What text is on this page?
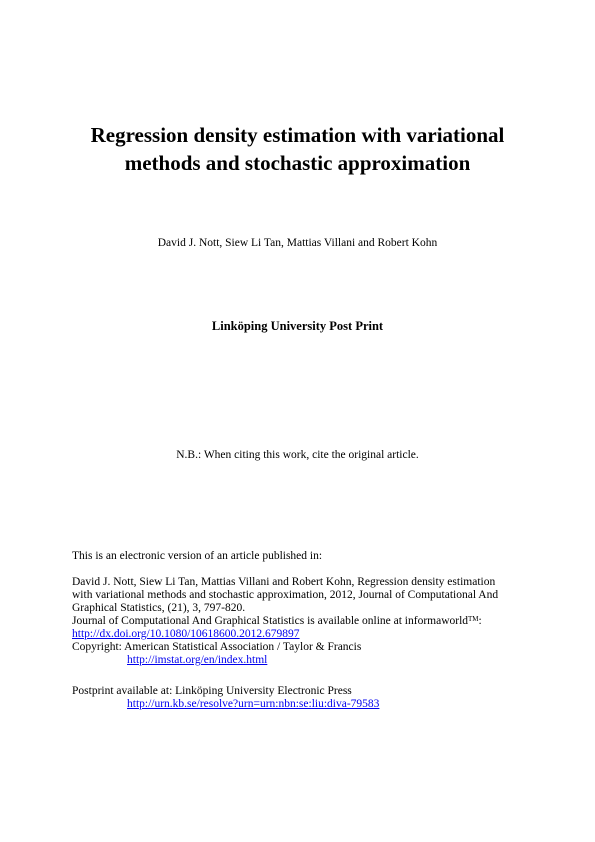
Regression density estimation with variational
methods and stochastic approximation
David J. Nott, Siew Li Tan, Mattias Villani and Robert Kohn
Linköping University Post Print
N.B.: When citing this work, cite the original article.
This is an electronic version of an article published in:
David J. Nott, Siew Li Tan, Mattias Villani and Robert Kohn, Regression density estimation
with variational methods and stochastic approximation, 2012, Journal of Computational And
Graphical Statistics, (21), 3, 797-820.
Journal of Computational And Graphical Statistics is available online at informaworld™:
http://dx.doi.org/10.1080/10618600.2012.679897
Copyright: American Statistical Association / Taylor & Francis
http://imstat.org/en/index.html
Postprint available at: Linköping University Electronic Press
http://urn.kb.se/resolve?urn=urn:nbn:se:liu:diva-79583
